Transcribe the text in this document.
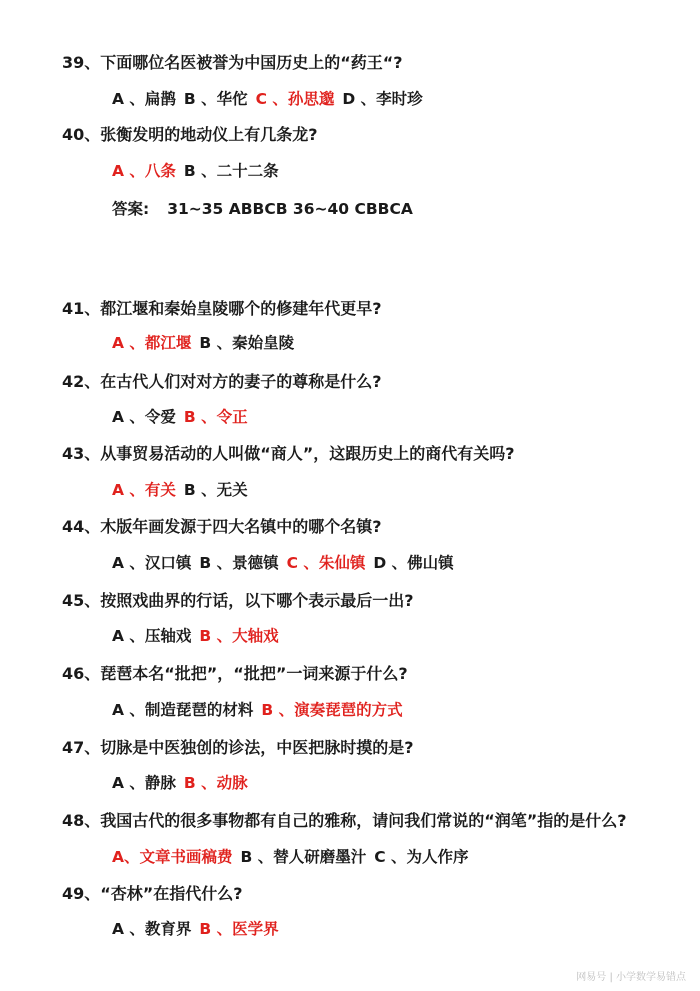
39、下面哪位名医被誉为中国历史上的“药王“?
A 、扁鹊 B 、华佗 C 、孙思邈 D 、李时珍
40、张衡发明的地动仪上有几条龙?
A 、八条 B 、二十二条
41、都江堰和秦始皇陵哪个的修建年代更早?
A 、都江堰 B 、秦始皇陵
42、在古代人们对对方的妻子的尊称是什么?
A 、令爱 B 、令正
43、从事贸易活动的人叫做“商人”，这跟历史上的商代有关吗?
A 、有关 B 、无关
44、木版年画发源于四大名镇中的哪个名镇?
A 、汉口镇 B 、景德镇 C 、朱仙镇 D 、佛山镇
45、按照戏曲界的行话，以下哪个表示最后一出?
A 、压轴戏 B 、大轴戏
46、琵琶本名“批把”，“批把”一词来源于什么?
A 、制造琵琶的材料 B 、演奏琵琶的方式
47、切脉是中医独创的诊法，中医把脉时摸的是?
A 、静脉 B 、动脉
48、我国古代的很多事物都有自己的雅称，请问我们常说的“润笔”指的是什么?
A、文章书画稿费 B 、替人研磨墨汁 C 、为人作序
49、“杏林”在指代什么?
A 、教育界 B 、医学界
答案: 31~35 ABBCB 36~40 CBBCA
网易号 | 小学数学易错点
